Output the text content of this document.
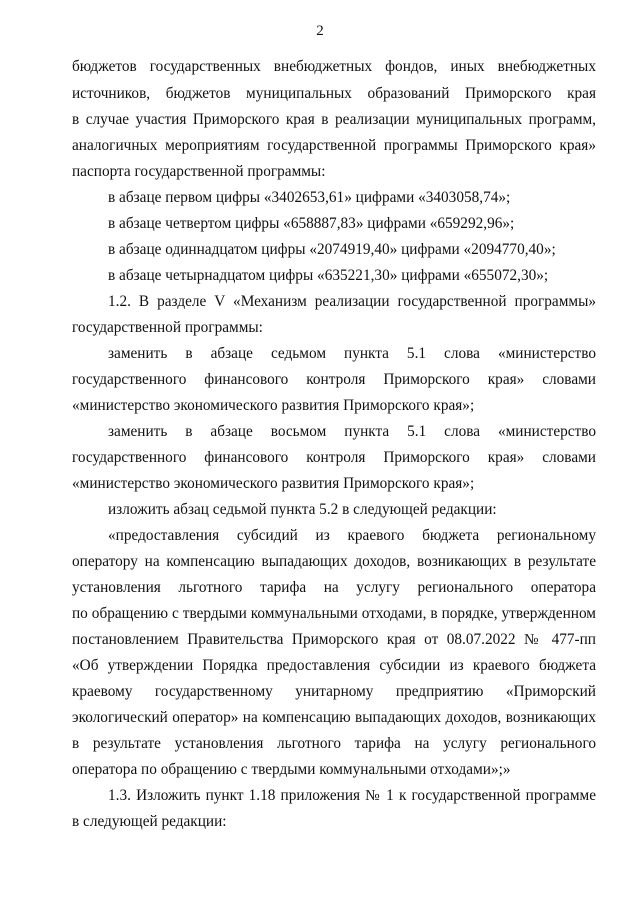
2
бюджетов государственных внебюджетных фондов, иных внебюджетных
источников, бюджетов муниципальных образований Приморского края
в случае участия Приморского края в реализации муниципальных программ,
аналогичных мероприятиям государственной программы Приморского края»
паспорта государственной программы:
в абзаце первом цифры «3402653,61» цифрами «3403058,74»;
в абзаце четвертом цифры «658887,83» цифрами «659292,96»;
в абзаце одиннадцатом цифры «2074919,40» цифрами «2094770,40»;
в абзаце четырнадцатом цифры «635221,30» цифрами «655072,30»;
1.2. В разделе V «Механизм реализации государственной программы»
государственной программы:
заменить в абзаце седьмом пункта 5.1 слова «министерство
государственного финансового контроля Приморского края» словами
«министерство экономического развития Приморского края»;
заменить в абзаце восьмом пункта 5.1 слова «министерство
государственного финансового контроля Приморского края» словами
«министерство экономического развития Приморского края»;
изложить абзац седьмой пункта 5.2 в следующей редакции:
«предоставления субсидий из краевого бюджета региональному
оператору на компенсацию выпадающих доходов, возникающих в результате
установления льготного тарифа на услугу регионального оператора
по обращению с твердыми коммунальными отходами, в порядке, утвержденном
постановлением Правительства Приморского края от 08.07.2022 № 477-пп
«Об утверждении Порядка предоставления субсидии из краевого бюджета
краевому государственному унитарному предприятию «Приморский
экологический оператор» на компенсацию выпадающих доходов, возникающих
в результате установления льготного тарифа на услугу регионального
оператора по обращению с твердыми коммунальными отходами»;»
1.3. Изложить пункт 1.18 приложения № 1 к государственной программе
в следующей редакции:
